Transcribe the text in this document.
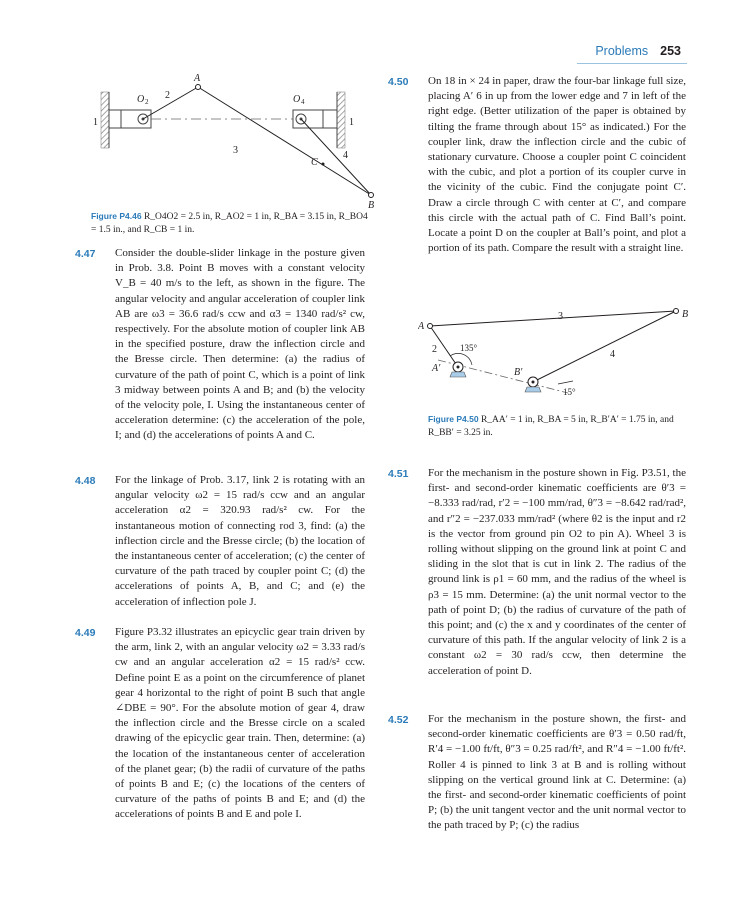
Problems 253
A
B
C
O 2	O 4
1	1
2
3	4
Figure P4.46 R_O4O2 = 2.5 in, R_AO2 = 1 in, R_BA = 3.15 in, R_BO4 = 1.5 in., and R_CB = 1 in.
4.47	Consider the double-slider linkage in the posture given in Prob. 3.8. Point B moves with a constant velocity V_B = 40 m/s to the left, as shown in the figure. The angular velocity and angular acceleration of coupler link AB are ω3 = 36.6 rad/s ccw and α3 = 1340 rad/s² cw, respectively. For the absolute motion of coupler link AB in the specified posture, draw the inflection circle and the Bresse circle. Then determine: (a) the radius of curvature of the path of point C, which is a point of link 3 midway between points A and B; and (b) the velocity of the velocity pole, I. Using the instantaneous center of acceleration determine: (c) the acceleration of the pole, I; and (d) the accelerations of points A and C.
4.48	For the linkage of Prob. 3.17, link 2 is rotating with an angular velocity ω2 = 15 rad/s ccw and an angular acceleration α2 = 320.93 rad/s² cw. For the instantaneous motion of connecting rod 3, find: (a) the inflection circle and the Bresse circle; (b) the location of the instantaneous center of acceleration; (c) the center of curvature of the path traced by coupler point C; (d) the accelerations of points A, B, and C; and (e) the acceleration of inflection pole J.
4.49	Figure P3.32 illustrates an epicyclic gear train driven by the arm, link 2, with an angular velocity ω2 = 3.33 rad/s cw and an angular acceleration α2 = 15 rad/s² ccw. Define point E as a point on the circumference of planet gear 4 horizontal to the right of point B such that angle ∠DBE = 90°. For the absolute motion of gear 4, draw the inflection circle and the Bresse circle on a scaled drawing of the epicyclic gear train. Then, determine: (a) the location of the instantaneous center of acceleration of the planet gear; (b) the radii of curvature of the paths of points B and E; (c) the locations of the centers of curvature of the paths of points B and E; and (d) the accelerations of points B and E and pole I.
4.50	On 18 in × 24 in paper, draw the four-bar linkage full size, placing A′ 6 in up from the lower edge and 7 in left of the right edge. (Better utilization of the paper is obtained by tilting the frame through about 15° as indicated.) For the coupler link, draw the inflection circle and the cubic of stationary curvature. Choose a coupler point C coincident with the cubic, and plot a portion of its coupler curve in the vicinity of the cubic. Find the conjugate point C′. Draw a circle through C with center at C′, and compare this circle with the actual path of C. Find Ball’s point. Locate a point D on the coupler at Ball’s point, and plot a portion of its path. Compare the result with a straight line.
A
A′
B
B′
2
3
4
135°
15°
Figure P4.50 R_AA′ = 1 in, R_BA = 5 in, R_B′A′ = 1.75 in, and R_BB′ = 3.25 in.
4.51	For the mechanism in the posture shown in Fig. P3.51, the first- and second-order kinematic coefficients are θ′3 = −8.333 rad/rad, r′2 = −100 mm/rad, θ″3 = −8.642 rad/rad², and r″2 = −237.033 mm/rad² (where θ2 is the input and r2 is the vector from ground pin O2 to pin A). Wheel 3 is rolling without slipping on the ground link at point C and sliding in the slot that is cut in link 2. The radius of the ground link is ρ1 = 60 mm, and the radius of the wheel is ρ3 = 15 mm. Determine: (a) the unit normal vector to the path of point D; (b) the radius of curvature of the path of this point; and (c) the x and y coordinates of the center of curvature of this path. If the angular velocity of link 2 is a constant ω2 = 30 rad/s ccw, then determine the acceleration of point D.
4.52	For the mechanism in the posture shown, the first- and second-order kinematic coefficients are θ′3 = 0.50 rad/ft, R′4 = −1.00 ft/ft, θ″3 = 0.25 rad/ft², and R″4 = −1.00 ft/ft². Roller 4 is pinned to link 3 at B and is rolling without slipping on the vertical ground link at C. Determine: (a) the first- and second-order kinematic coefficients of point P; (b) the unit tangent vector and the unit normal vector to the path traced by P; (c) the radius
